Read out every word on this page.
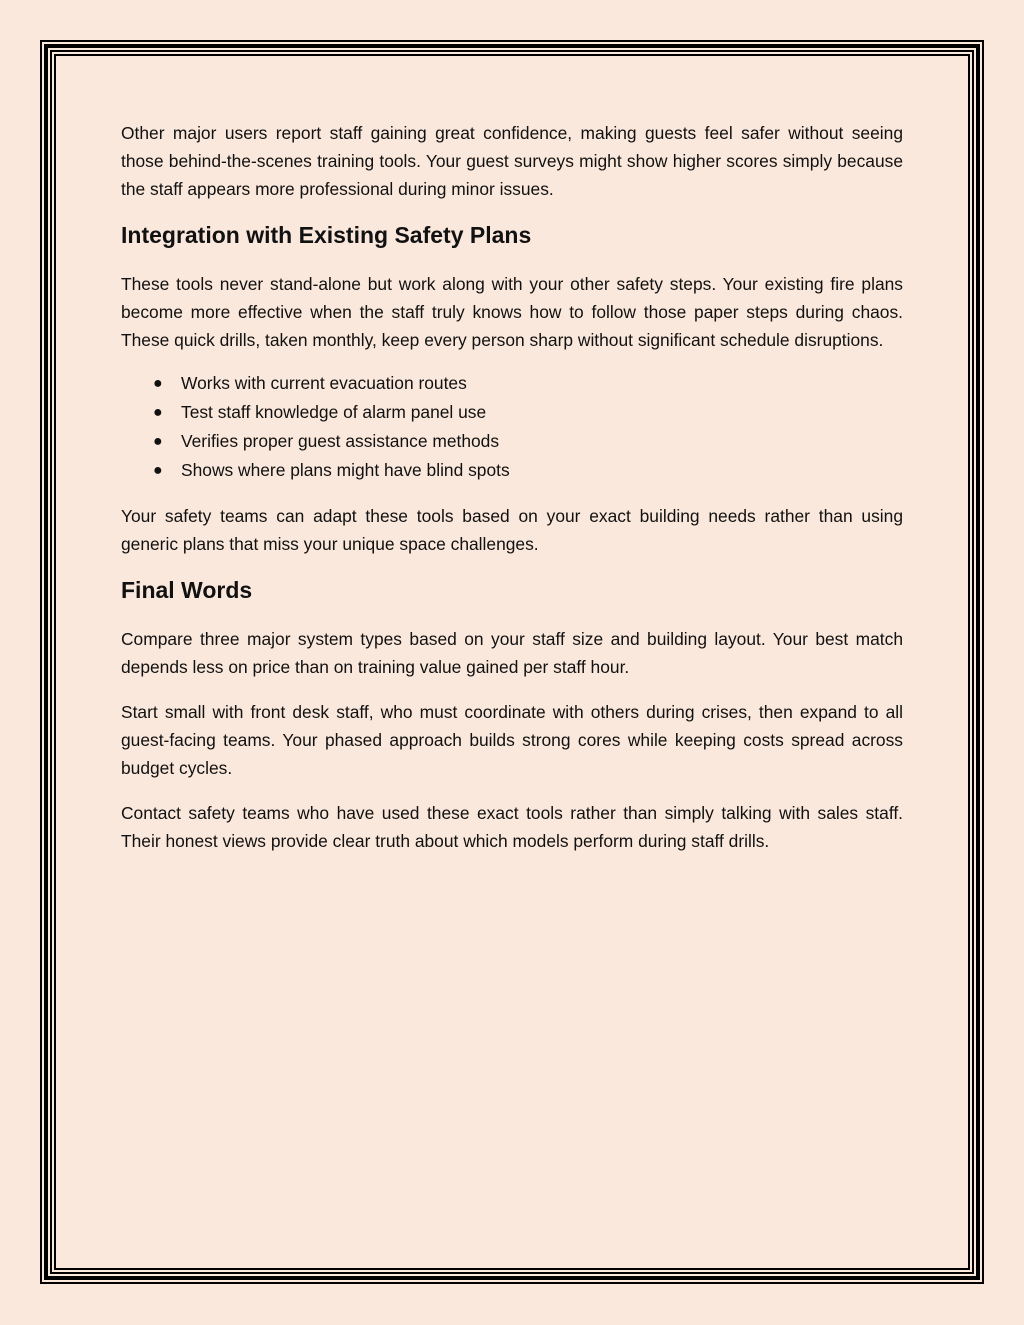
Other major users report staff gaining great confidence, making guests feel safer without seeing those behind-the-scenes training tools. Your guest surveys might show higher scores simply because the staff appears more professional during minor issues.

Integration with Existing Safety Plans

These tools never stand-alone but work along with your other safety steps. Your existing fire plans become more effective when the staff truly knows how to follow those paper steps during chaos. These quick drills, taken monthly, keep every person sharp without significant schedule disruptions.

● Works with current evacuation routes
● Test staff knowledge of alarm panel use
● Verifies proper guest assistance methods
● Shows where plans might have blind spots

Your safety teams can adapt these tools based on your exact building needs rather than using generic plans that miss your unique space challenges.

Final Words

Compare three major system types based on your staff size and building layout. Your best match depends less on price than on training value gained per staff hour.

Start small with front desk staff, who must coordinate with others during crises, then expand to all guest-facing teams. Your phased approach builds strong cores while keeping costs spread across budget cycles.

Contact safety teams who have used these exact tools rather than simply talking with sales staff. Their honest views provide clear truth about which models perform during staff drills.
